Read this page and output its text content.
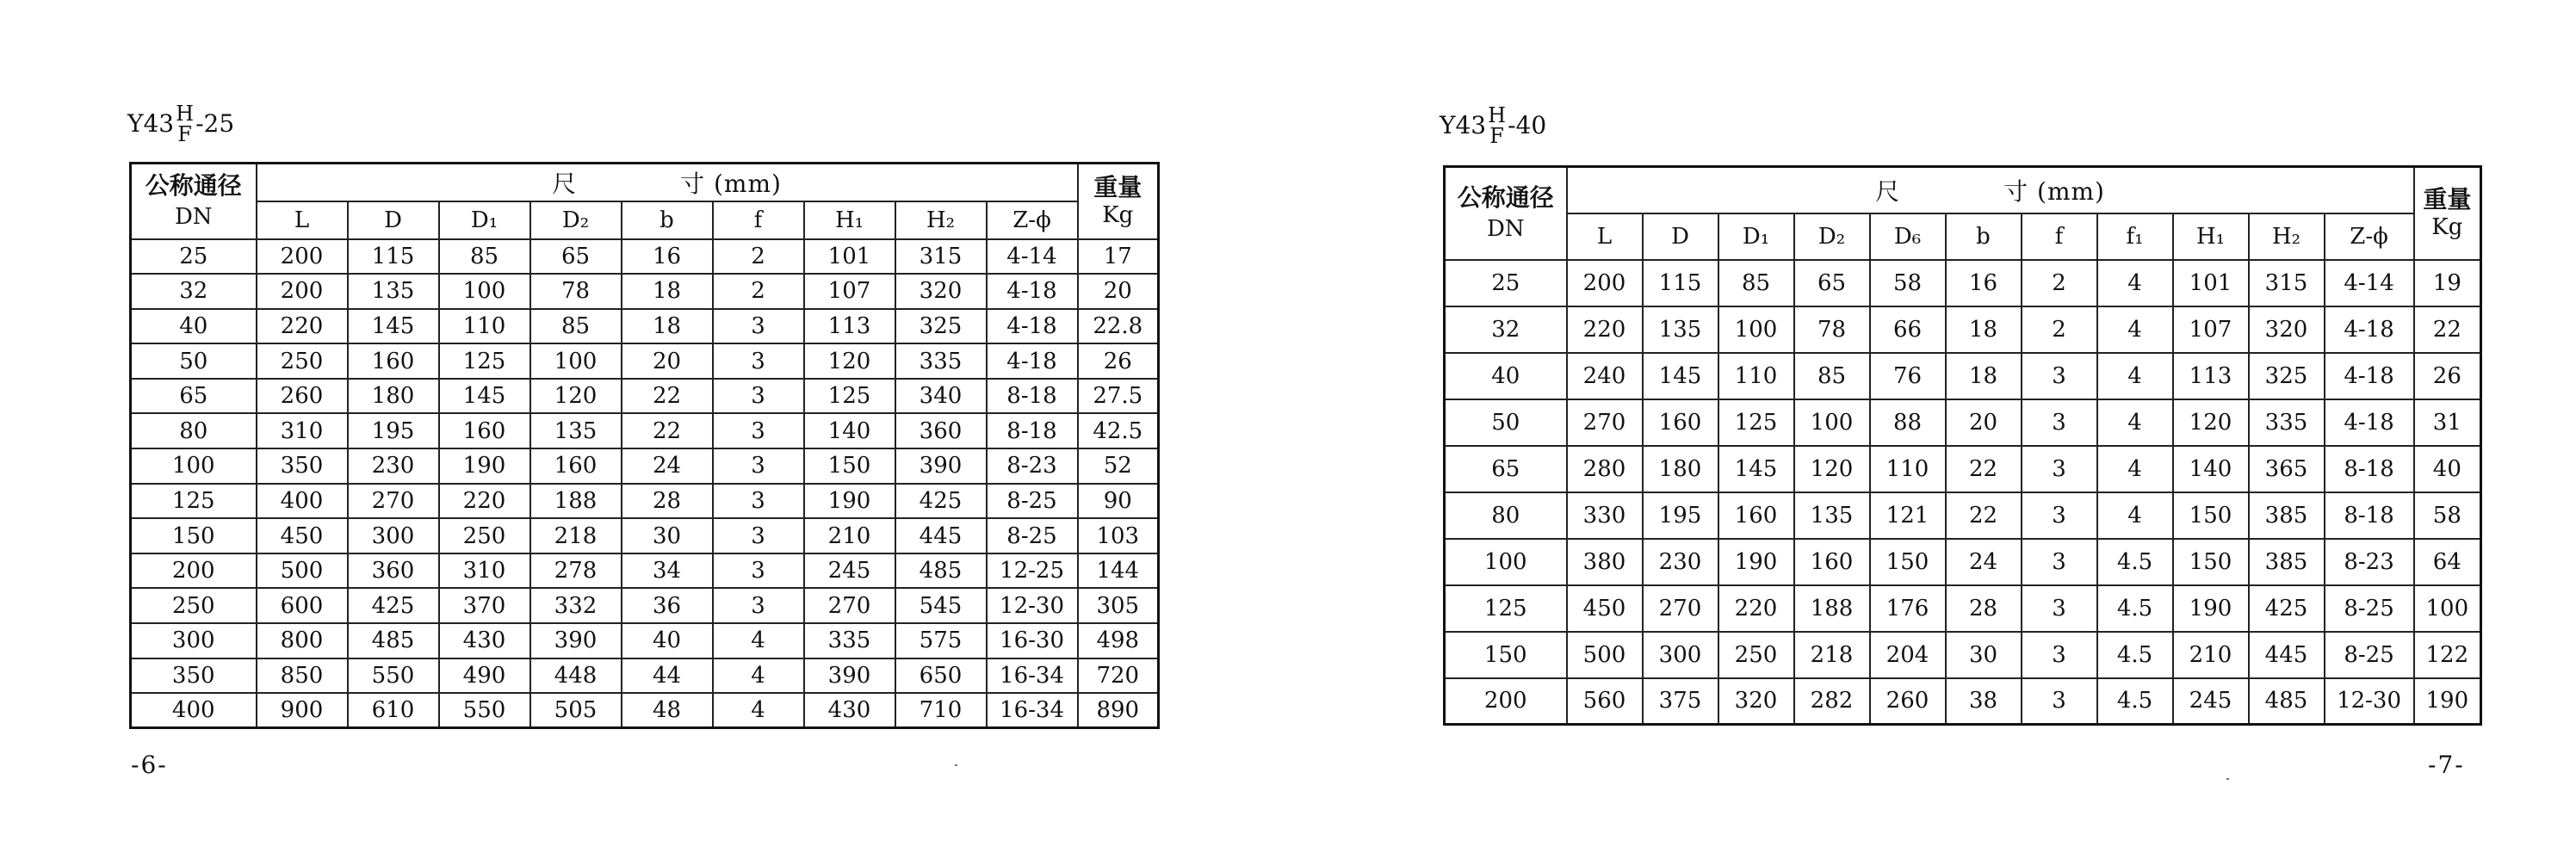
Y43 H
F -25
公称通径
DN	尺 寸 (mm)									重量
Kg
	L	D	D₁	D₂	b	f	H₁	H₂	Z-ϕ	
25	200	115	85	65	16	2	101	315	4-14	17
32	200	135	100	78	18	2	107	320	4-18	20
40	220	145	110	85	18	3	113	325	4-18	22.8
50	250	160	125	100	20	3	120	335	4-18	26
65	260	180	145	120	22	3	125	340	8-18	27.5
80	310	195	160	135	22	3	140	360	8-18	42.5
100	350	230	190	160	24	3	150	390	8-23	52
125	400	270	220	188	28	3	190	425	8-25	90
150	450	300	250	218	30	3	210	445	8-25	103
200	500	360	310	278	34	3	245	485	12-25	144
250	600	425	370	332	36	3	270	545	12-30	305
300	800	485	430	390	40	4	335	575	16-30	498
350	850	550	490	448	44	4	390	650	16-34	720
400	900	610	550	505	48	4	430	710	16-34	890
-6-
Y43 H
F -40
公称通径
DN	尺 寸 (mm)											重量
Kg
	L	D	D₁	D₂	D₆	b	f	f₁	H₁	H₂	Z-ϕ	
25	200	115	85	65	58	16	2	4	101	315	4-14	19
32	220	135	100	78	66	18	2	4	107	320	4-18	22
40	240	145	110	85	76	18	3	4	113	325	4-18	26
50	270	160	125	100	88	20	3	4	120	335	4-18	31
65	280	180	145	120	110	22	3	4	140	365	8-18	40
80	330	195	160	135	121	22	3	4	150	385	8-18	58
100	380	230	190	160	150	24	3	4.5	150	385	8-23	64
125	450	270	220	188	176	28	3	4.5	190	425	8-25	100
150	500	300	250	218	204	30	3	4.5	210	445	8-25	122
200	560	375	320	282	260	38	3	4.5	245	485	12-30	190
-7-
